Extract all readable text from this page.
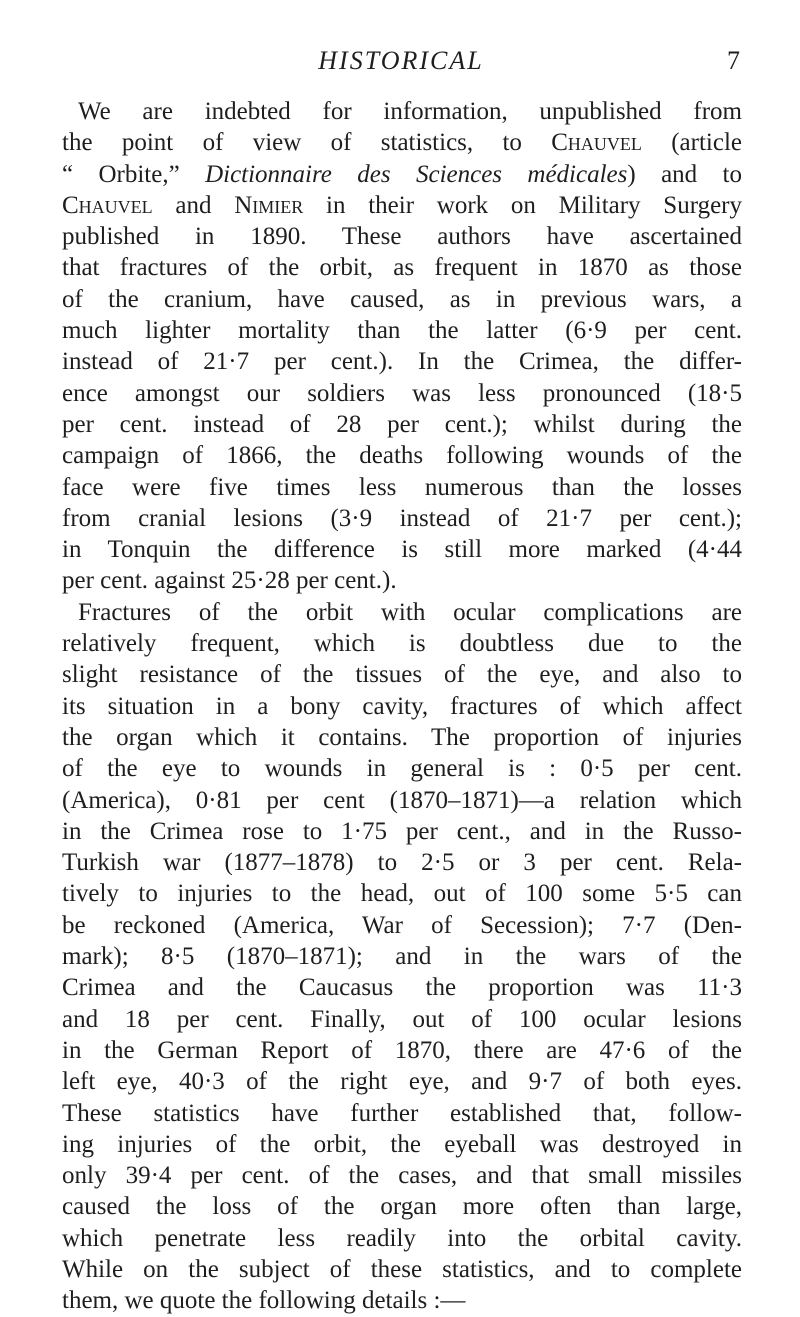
HISTORICAL	7
We are indebted for information, unpublished from
the point of view of statistics, to Chauvel (article
“ Orbite,” Dictionnaire des Sciences médicales) and to
Chauvel and Nimier in their work on Military Surgery
published in 1890. These authors have ascertained
that fractures of the orbit, as frequent in 1870 as those
of the cranium, have caused, as in previous wars, a
much lighter mortality than the latter (6·9 per cent.
instead of 21·7 per cent.). In the Crimea, the differ-
ence amongst our soldiers was less pronounced (18·5
per cent. instead of 28 per cent.); whilst during the
campaign of 1866, the deaths following wounds of the
face were five times less numerous than the losses
from cranial lesions (3·9 instead of 21·7 per cent.);
in Tonquin the difference is still more marked (4·44
per cent. against 25·28 per cent.).
Fractures of the orbit with ocular complications are
relatively frequent, which is doubtless due to the
slight resistance of the tissues of the eye, and also to
its situation in a bony cavity, fractures of which affect
the organ which it contains. The proportion of injuries
of the eye to wounds in general is : 0·5 per cent.
(America), 0·81 per cent (1870–1871)—a relation which
in the Crimea rose to 1·75 per cent., and in the Russo-
Turkish war (1877–1878) to 2·5 or 3 per cent. Rela-
tively to injuries to the head, out of 100 some 5·5 can
be reckoned (America, War of Secession); 7·7 (Den-
mark); 8·5 (1870–1871); and in the wars of the
Crimea and the Caucasus the proportion was 11·3
and 18 per cent. Finally, out of 100 ocular lesions
in the German Report of 1870, there are 47·6 of the
left eye, 40·3 of the right eye, and 9·7 of both eyes.
These statistics have further established that, follow-
ing injuries of the orbit, the eyeball was destroyed in
only 39·4 per cent. of the cases, and that small missiles
caused the loss of the organ more often than large,
which penetrate less readily into the orbital cavity.
While on the subject of these statistics, and to complete
them, we quote the following details :—
